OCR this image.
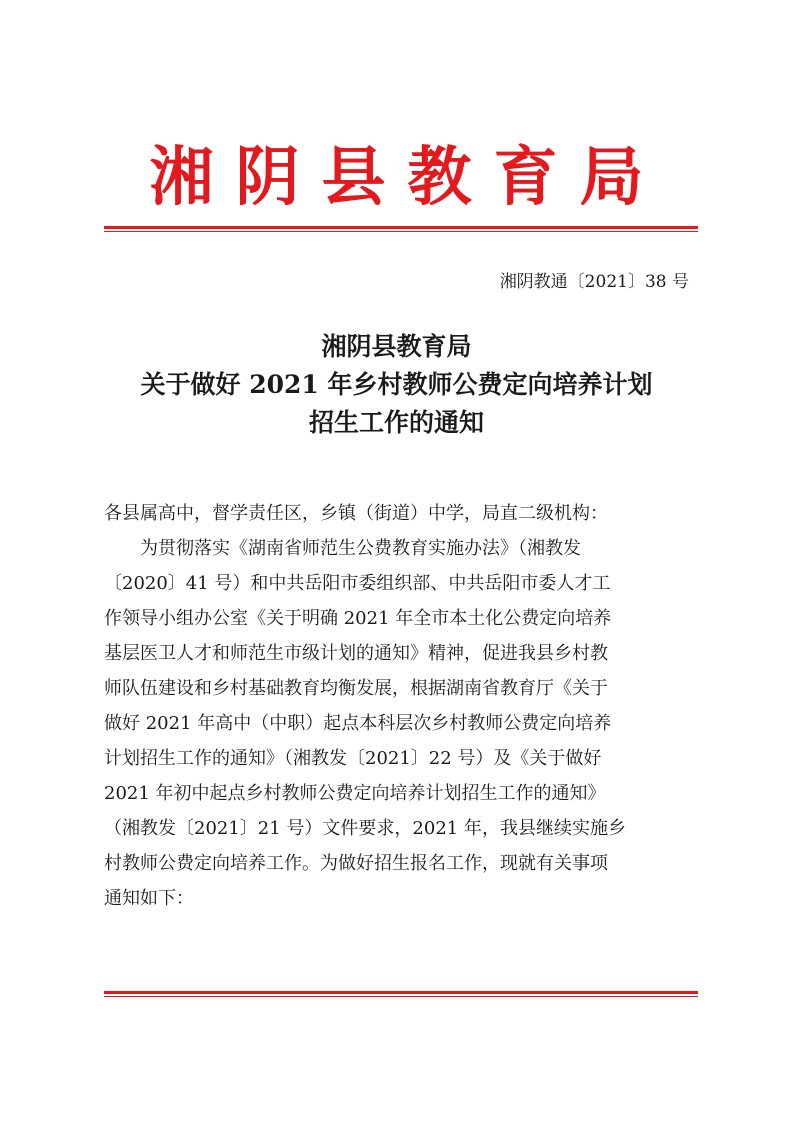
湘阴县教育局
湘阴教通〔2021〕38 号
湘阴县教育局
关于做好 2021 年乡村教师公费定向培养计划
招生工作的通知
各县属高中，督学责任区，乡镇（街道）中学，局直二级机构：
为贯彻落实《湖南省师范生公费教育实施办法》（湘教发
〔2020〕41 号）和中共岳阳市委组织部、中共岳阳市委人才工
作领导小组办公室《关于明确 2021 年全市本土化公费定向培养
基层医卫人才和师范生市级计划的通知》精神，促进我县乡村教
师队伍建设和乡村基础教育均衡发展，根据湖南省教育厅《关于
做好 2021 年高中（中职）起点本科层次乡村教师公费定向培养
计划招生工作的通知》（湘教发〔2021〕22 号）及《关于做好
2021 年初中起点乡村教师公费定向培养计划招生工作的通知》
（湘教发〔2021〕21 号）文件要求，2021 年，我县继续实施乡
村教师公费定向培养工作。为做好招生报名工作，现就有关事项
通知如下：
